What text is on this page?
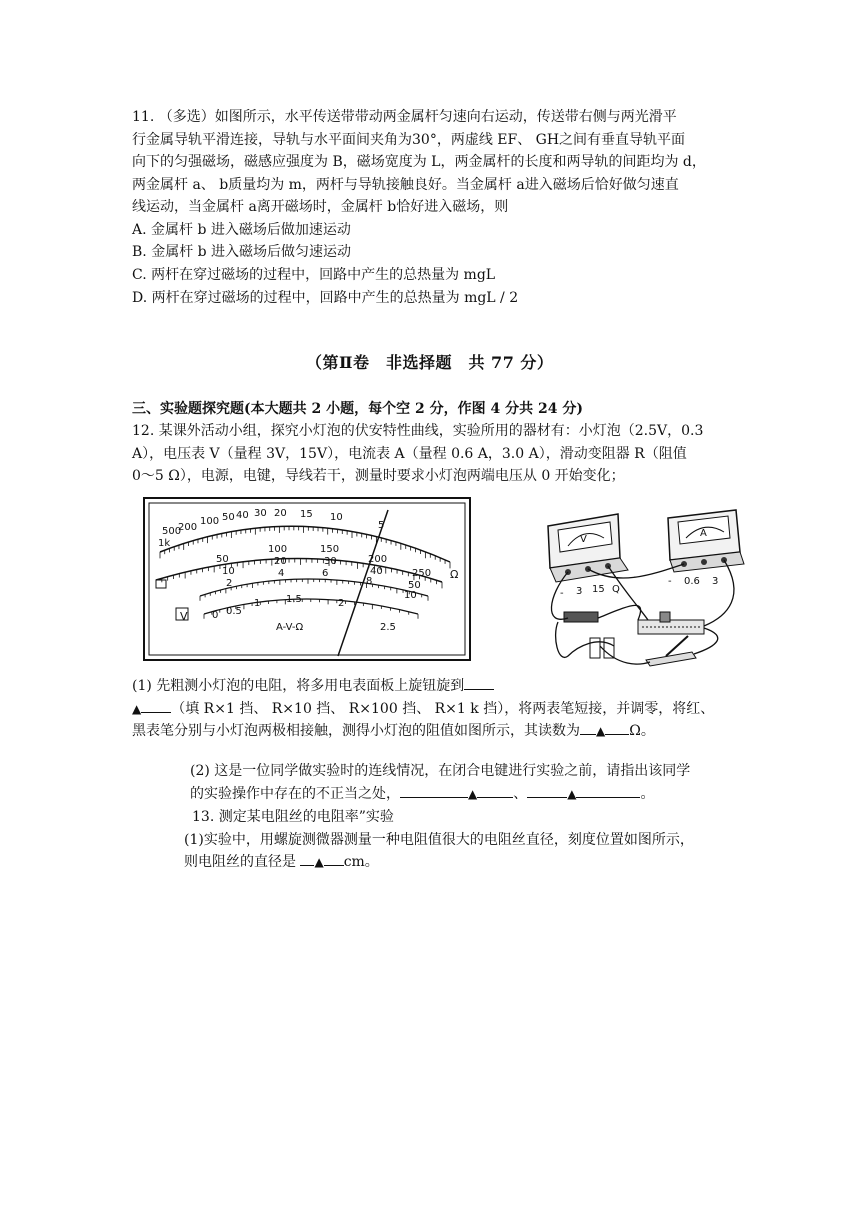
11. （多选）如图所示，水平传送带带动两金属杆匀速向右运动，传送带右侧与两光滑平
行金属导轨平滑连接，导轨与水平面间夹角为30°，两虚线 EF、 GH之间有垂直导轨平面
向下的匀强磁场，磁感应强度为 B，磁场宽度为 L，两金属杆的长度和两导轨的间距均为 d，
两金属杆 a、 b质量均为 m，两杆与导轨接触良好。当金属杆 a进入磁场后恰好做匀速直
线运动，当金属杆 a离开磁场时，金属杆 b恰好进入磁场，则
A. 金属杆 b 进入磁场后做加速运动
B. 金属杆 b 进入磁场后做匀速运动
C. 两杆在穿过磁场的过程中，回路中产生的总热量为 mgL
D. 两杆在穿过磁场的过程中，回路中产生的总热量为 mgL / 2
（第Ⅱ卷　非选择题　共 77 分）
三、实验题探究题(本大题共 2 小题，每个空 2 分，作图 4 分共 24 分)
12. 某课外活动小组，探究小灯泡的伏安特性曲线，实验所用的器材有：小灯泡（2.5V，0.3
A），电压表 V（量程 3V，15V），电流表 A（量程 0.6 A，3.0 A），滑动变阻器 R（阻值
0～5 Ω），电源，电键，导线若干，测量时要求小灯泡两端电压从 0 开始变化；
1k
500
200
100 50 40 30 20 15 10
5
Ω
50
100	150
200
250
10
20	30
40
50
2
4	6
8
10
0 0.5
1	1.5	2
2.5
A-V-Ω
V
V
- 3 15 Q
A
- 0.6 3
(1) 先粗测小灯泡的电阻，将多用电表面板上旋钮旋到
▲ （填 R×1 挡、 R×10 挡、 R×100 挡、 R×1 k 挡），将两表笔短接，并调零，将红、
黑表笔分别与小灯泡两极相接触，测得小灯泡的阻值如图所示，其读数为 ▲ Ω。
(2) 这是一位同学做实验时的连线情况，在闭合电键进行实验之前，请指出该同学
的实验操作中存在的不正当之处，	▲	、	▲	。
13. 测定某电阻丝的电阻率”实验
(1)实验中，用螺旋测微器测量一种电阻值很大的电阻丝直径，刻度位置如图所示，
则电阻丝的直径是 ▲ cm。
